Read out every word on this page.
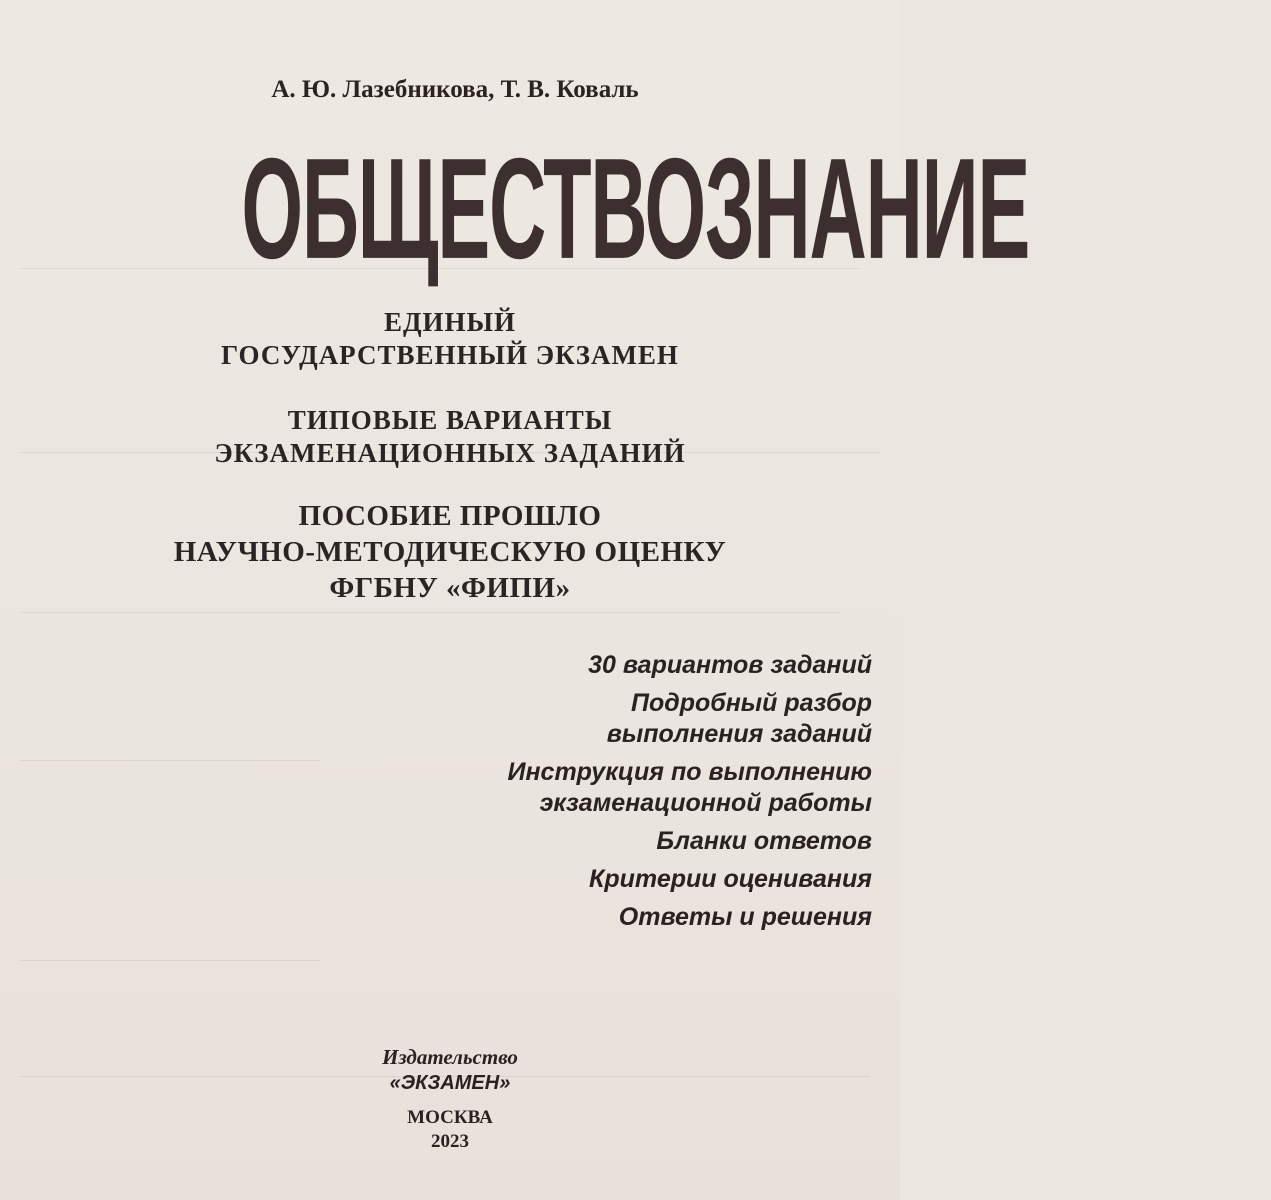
А. Ю. Лазебникова, Т. В. Коваль
ОБЩЕСТВОЗНАНИЕ
ЕДИНЫЙ
ГОСУДАРСТВЕННЫЙ ЭКЗАМЕН
ТИПОВЫЕ ВАРИАНТЫ
ЭКЗАМЕНАЦИОННЫХ ЗАДАНИЙ
ПОСОБИЕ ПРОШЛО
НАУЧНО-МЕТОДИЧЕСКУЮ ОЦЕНКУ
ФГБНУ «ФИПИ»
30 вариантов заданий
Подробный разбор
выполнения заданий
Инструкция по выполнению
экзаменационной работы
Бланки ответов
Критерии оценивания
Ответы и решения
Издательство
«ЭКЗАМЕН»
МОСКВА
2023
